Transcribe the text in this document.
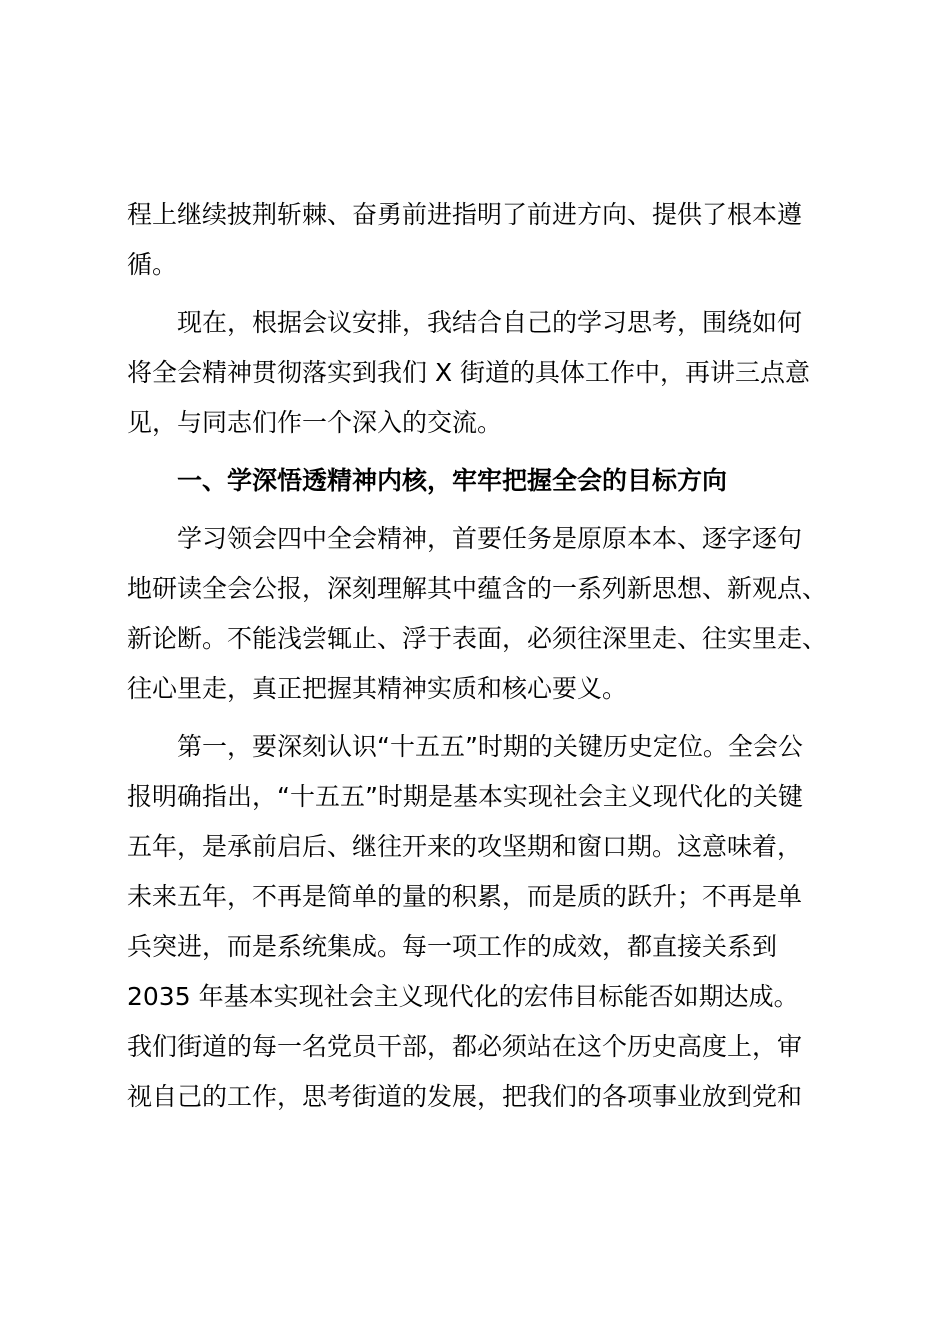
程上继续披荆斩棘、奋勇前进指明了前进方向、提供了根本遵
循。
现在，根据会议安排，我结合自己的学习思考，围绕如何
将全会精神贯彻落实到我们 X 街道的具体工作中，再讲三点意
见，与同志们作一个深入的交流。
一、学深悟透精神内核，牢牢把握全会的目标方向
学习领会四中全会精神，首要任务是原原本本、逐字逐句
地研读全会公报，深刻理解其中蕴含的一系列新思想、新观点、
新论断。不能浅尝辄止、浮于表面，必须往深里走、往实里走、
往心里走，真正把握其精神实质和核心要义。
第一，要深刻认识“十五五”时期的关键历史定位。全会公
报明确指出，“十五五”时期是基本实现社会主义现代化的关键
五年，是承前启后、继往开来的攻坚期和窗口期。这意味着，
未来五年，不再是简单的量的积累，而是质的跃升；不再是单
兵突进，而是系统集成。每一项工作的成效，都直接关系到
2035 年基本实现社会主义现代化的宏伟目标能否如期达成。
我们街道的每一名党员干部，都必须站在这个历史高度上，审
视自己的工作，思考街道的发展，把我们的各项事业放到党和
